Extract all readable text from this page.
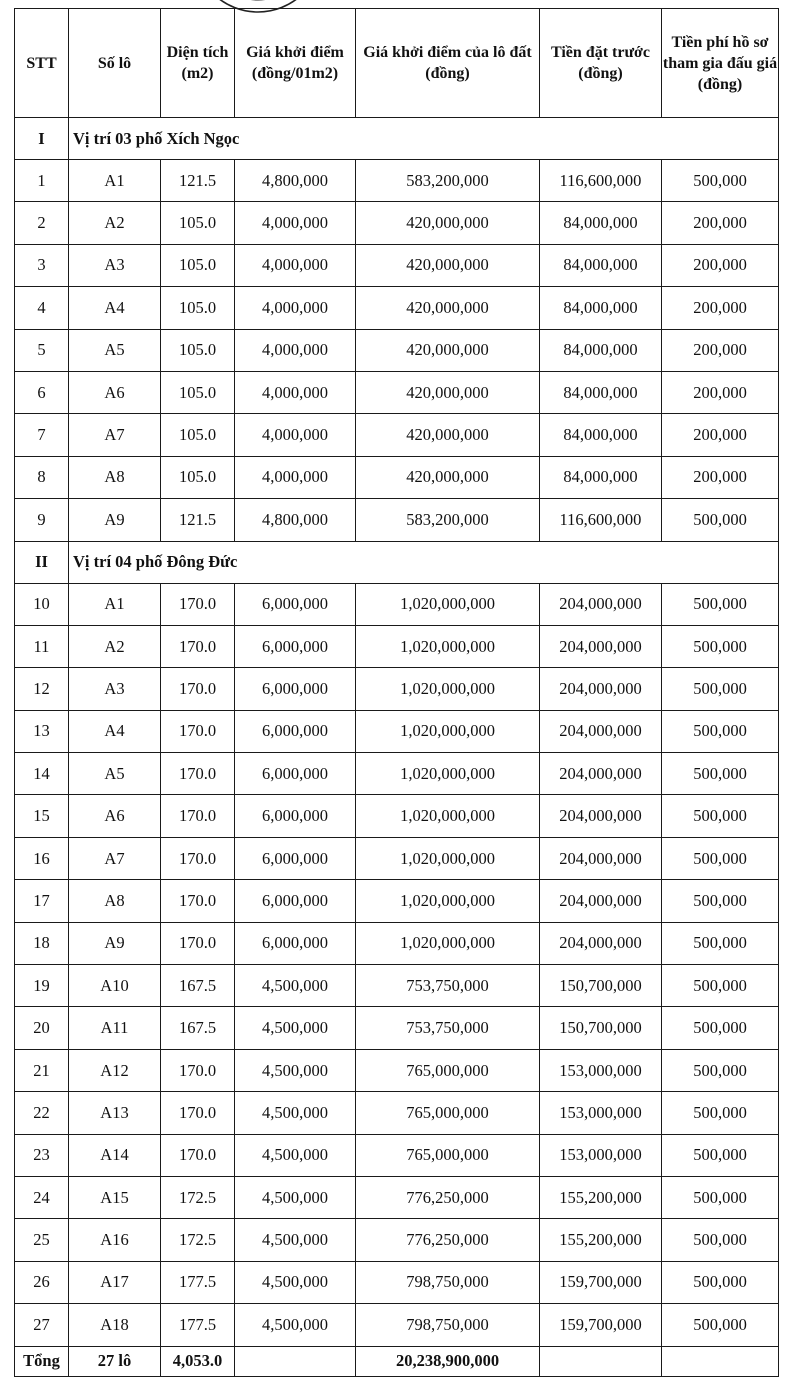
STT	Số lô	Diện tích (m2)	Giá khởi điểm (đồng/01m2)	Giá khởi điểm của lô đất (đồng)	Tiền đặt trước (đồng)	Tiền phí hồ sơ tham gia đấu giá (đồng)
I	Vị trí 03 phố Xích Ngọc					
1	A1	121.5	4,800,000	583,200,000	116,600,000	500,000
2	A2	105.0	4,000,000	420,000,000	84,000,000	200,000
3	A3	105.0	4,000,000	420,000,000	84,000,000	200,000
4	A4	105.0	4,000,000	420,000,000	84,000,000	200,000
5	A5	105.0	4,000,000	420,000,000	84,000,000	200,000
6	A6	105.0	4,000,000	420,000,000	84,000,000	200,000
7	A7	105.0	4,000,000	420,000,000	84,000,000	200,000
8	A8	105.0	4,000,000	420,000,000	84,000,000	200,000
9	A9	121.5	4,800,000	583,200,000	116,600,000	500,000
II	Vị trí 04 phố Đông Đức					
10	A1	170.0	6,000,000	1,020,000,000	204,000,000	500,000
11	A2	170.0	6,000,000	1,020,000,000	204,000,000	500,000
12	A3	170.0	6,000,000	1,020,000,000	204,000,000	500,000
13	A4	170.0	6,000,000	1,020,000,000	204,000,000	500,000
14	A5	170.0	6,000,000	1,020,000,000	204,000,000	500,000
15	A6	170.0	6,000,000	1,020,000,000	204,000,000	500,000
16	A7	170.0	6,000,000	1,020,000,000	204,000,000	500,000
17	A8	170.0	6,000,000	1,020,000,000	204,000,000	500,000
18	A9	170.0	6,000,000	1,020,000,000	204,000,000	500,000
19	A10	167.5	4,500,000	753,750,000	150,700,000	500,000
20	A11	167.5	4,500,000	753,750,000	150,700,000	500,000
21	A12	170.0	4,500,000	765,000,000	153,000,000	500,000
22	A13	170.0	4,500,000	765,000,000	153,000,000	500,000
23	A14	170.0	4,500,000	765,000,000	153,000,000	500,000
24	A15	172.5	4,500,000	776,250,000	155,200,000	500,000
25	A16	172.5	4,500,000	776,250,000	155,200,000	500,000
26	A17	177.5	4,500,000	798,750,000	159,700,000	500,000
27	A18	177.5	4,500,000	798,750,000	159,700,000	500,000
Tổng	27 lô	4,053.0		20,238,900,000		
